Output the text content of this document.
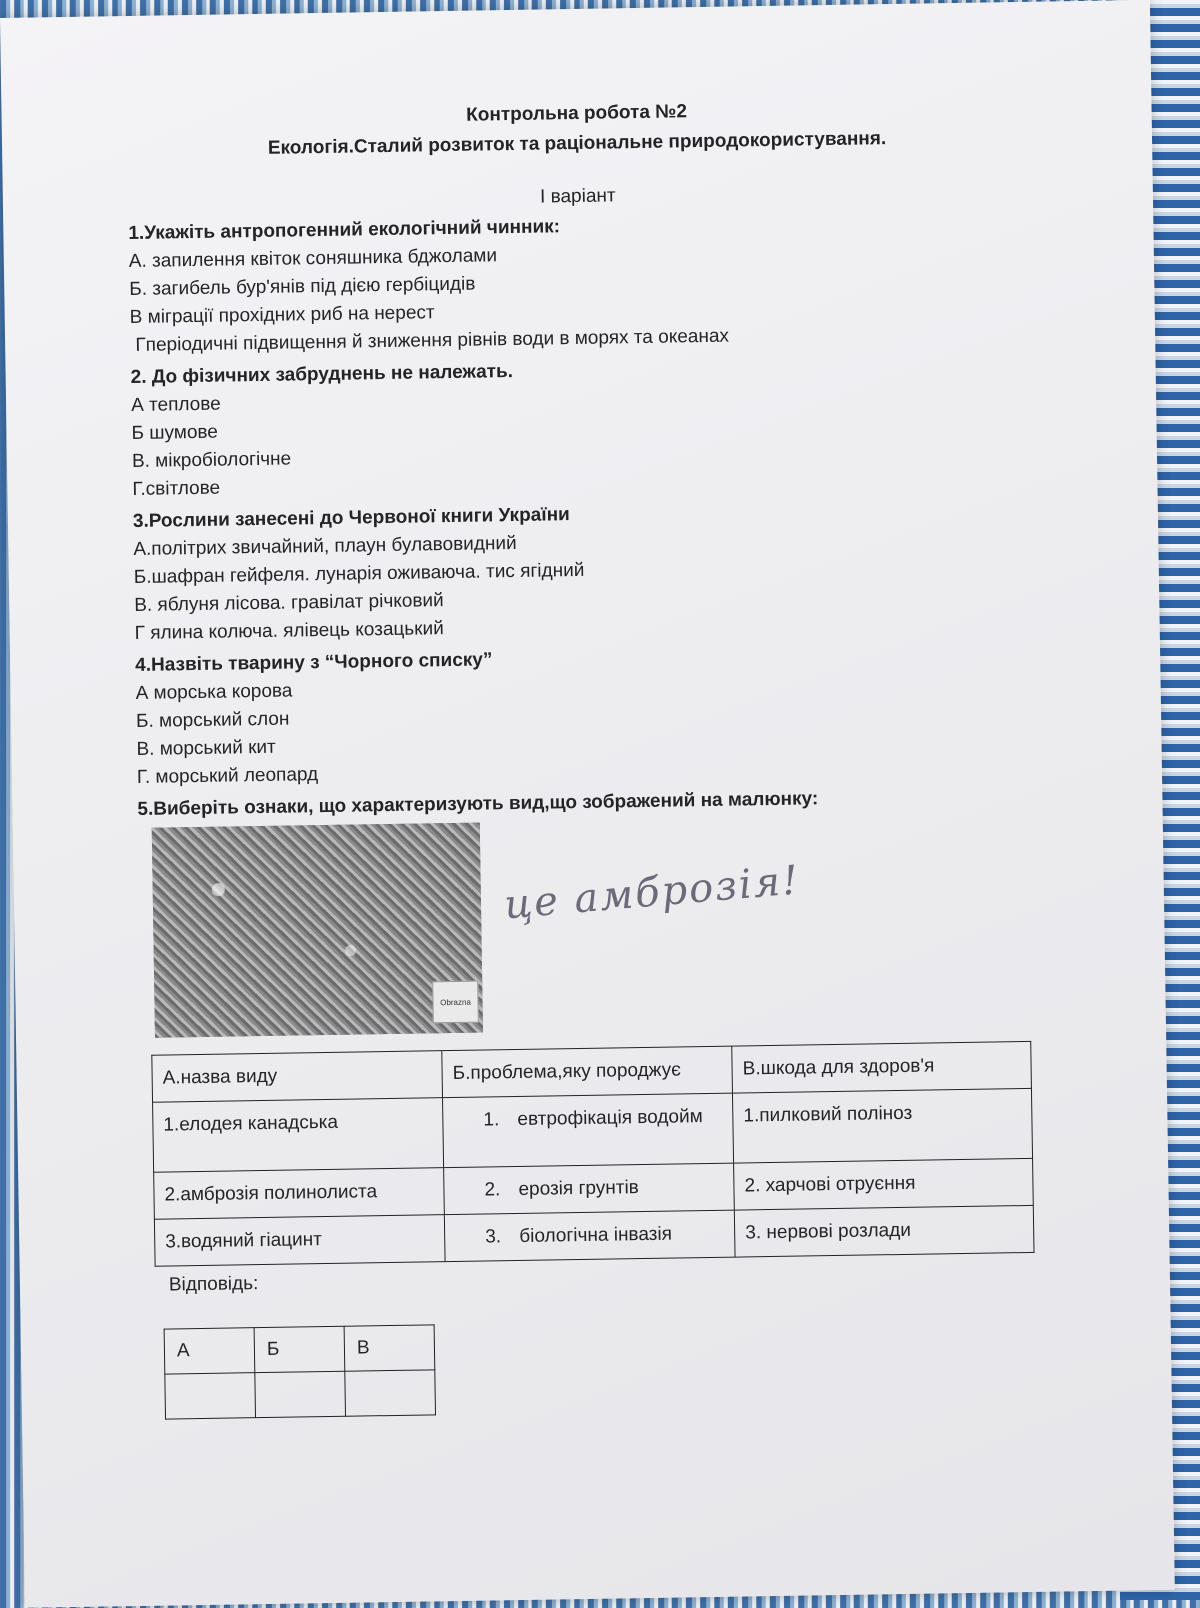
Контрольна робота №2

Екологія.Сталий розвиток та раціональне природокористування.

І варіант
1.Укажіть антропогенний екологічний чинник:
А. запилення квіток соняшника бджолами
Б. загибель бур'янів під дією гербіцидів
В міграції прохідних риб на нерест
Гперіодичні підвищення й зниження рівнів води в морях та океанах
2. До фізичних забруднень не належать.
А теплове
Б шумове
В. мікробіологічне
Г.світлове
3.Рослини занесені до Червоної книги України
А.політрих звичайний, плаун булавовидний
Б.шафран гейфеля. лунарія оживаюча. тис ягідний
В. яблуня лісова. гравілат річковий
Г ялина колюча. ялівець козацький
4.Назвіть тварину з “Чорного списку”
А морська корова
Б. морський слон
В. морський кит
Г. морський леопард
5.Виберіть ознаки, що характеризують вид,що зображений на малюнку:
Obrazna
це амброзія!
А.назва виду	Б.проблема,яку породжує	В.шкода для здоров'я
1.елодея канадська	1. евтрофікація водойм	1.пилковий поліноз
2.амброзія полинолиста	2. ерозія грунтів	2. харчові отруєння
3.водяний гіацинт	3. біологічна інвазія	3. нервові розлади
Відповідь:
А	Б	В
